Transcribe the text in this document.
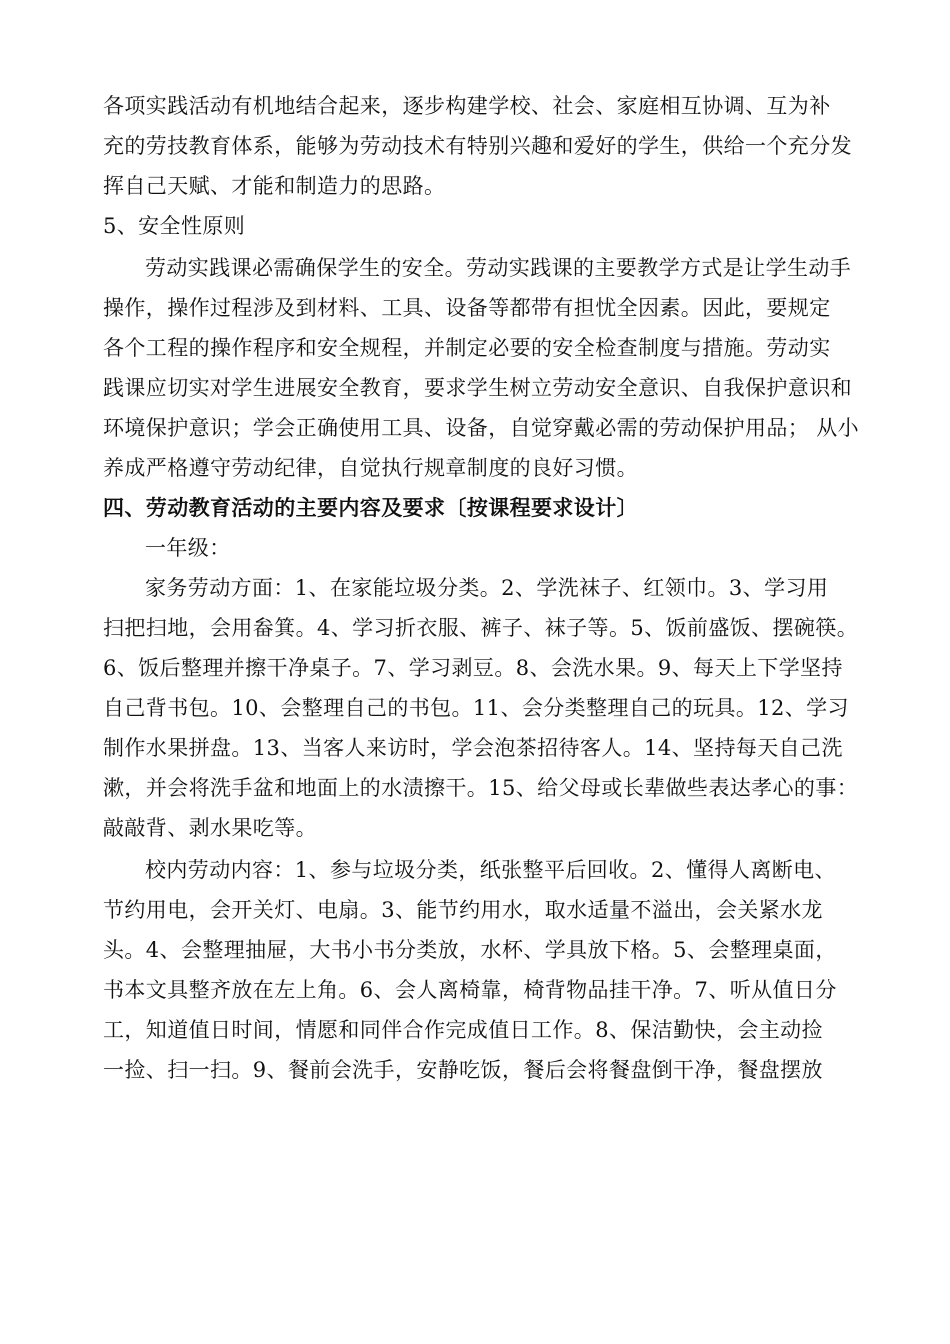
各项实践活动有机地结合起来，逐步构建学校、社会、家庭相互协调、互为补
充的劳技教育体系，能够为劳动技术有特别兴趣和爱好的学生，供给一个充分发
挥自己天赋、才能和制造力的思路。
5、安全性原则
劳动实践课必需确保学生的安全。劳动实践课的主要教学方式是让学生动手
操作，操作过程涉及到材料、工具、设备等都带有担忧全因素。因此，要规定
各个工程的操作程序和安全规程，并制定必要的安全检查制度与措施。劳动实
践课应切实对学生进展安全教育，要求学生树立劳动安全意识、自我保护意识和
环境保护意识；学会正确使用工具、设备，自觉穿戴必需的劳动保护用品； 从小
养成严格遵守劳动纪律，自觉执行规章制度的良好习惯。
四、劳动教育活动的主要内容及要求〔按课程要求设计〕
一年级：
家务劳动方面：1、在家能垃圾分类。2、学洗袜子、红领巾。3、学习用
扫把扫地，会用畚箕。4、学习折衣服、裤子、袜子等。5、饭前盛饭、摆碗筷。
6、饭后整理并擦干净桌子。7、学习剥豆。8、会洗水果。9、每天上下学坚持
自己背书包。10、会整理自己的书包。11、会分类整理自己的玩具。12、学习
制作水果拼盘。13、当客人来访时，学会泡茶招待客人。14、坚持每天自己洗
漱，并会将洗手盆和地面上的水渍擦干。15、给父母或长辈做些表达孝心的事：
敲敲背、剥水果吃等。
校内劳动内容：1、参与垃圾分类，纸张整平后回收。2、懂得人离断电、
节约用电，会开关灯、电扇。3、能节约用水，取水适量不溢出，会关紧水龙
头。4、会整理抽屉，大书小书分类放，水杯、学具放下格。5、会整理桌面，
书本文具整齐放在左上角。6、会人离椅靠，椅背物品挂干净。7、听从值日分
工，知道值日时间，情愿和同伴合作完成值日工作。8、保洁勤快，会主动捡
一捡、扫一扫。9、餐前会洗手，安静吃饭，餐后会将餐盘倒干净，餐盘摆放
